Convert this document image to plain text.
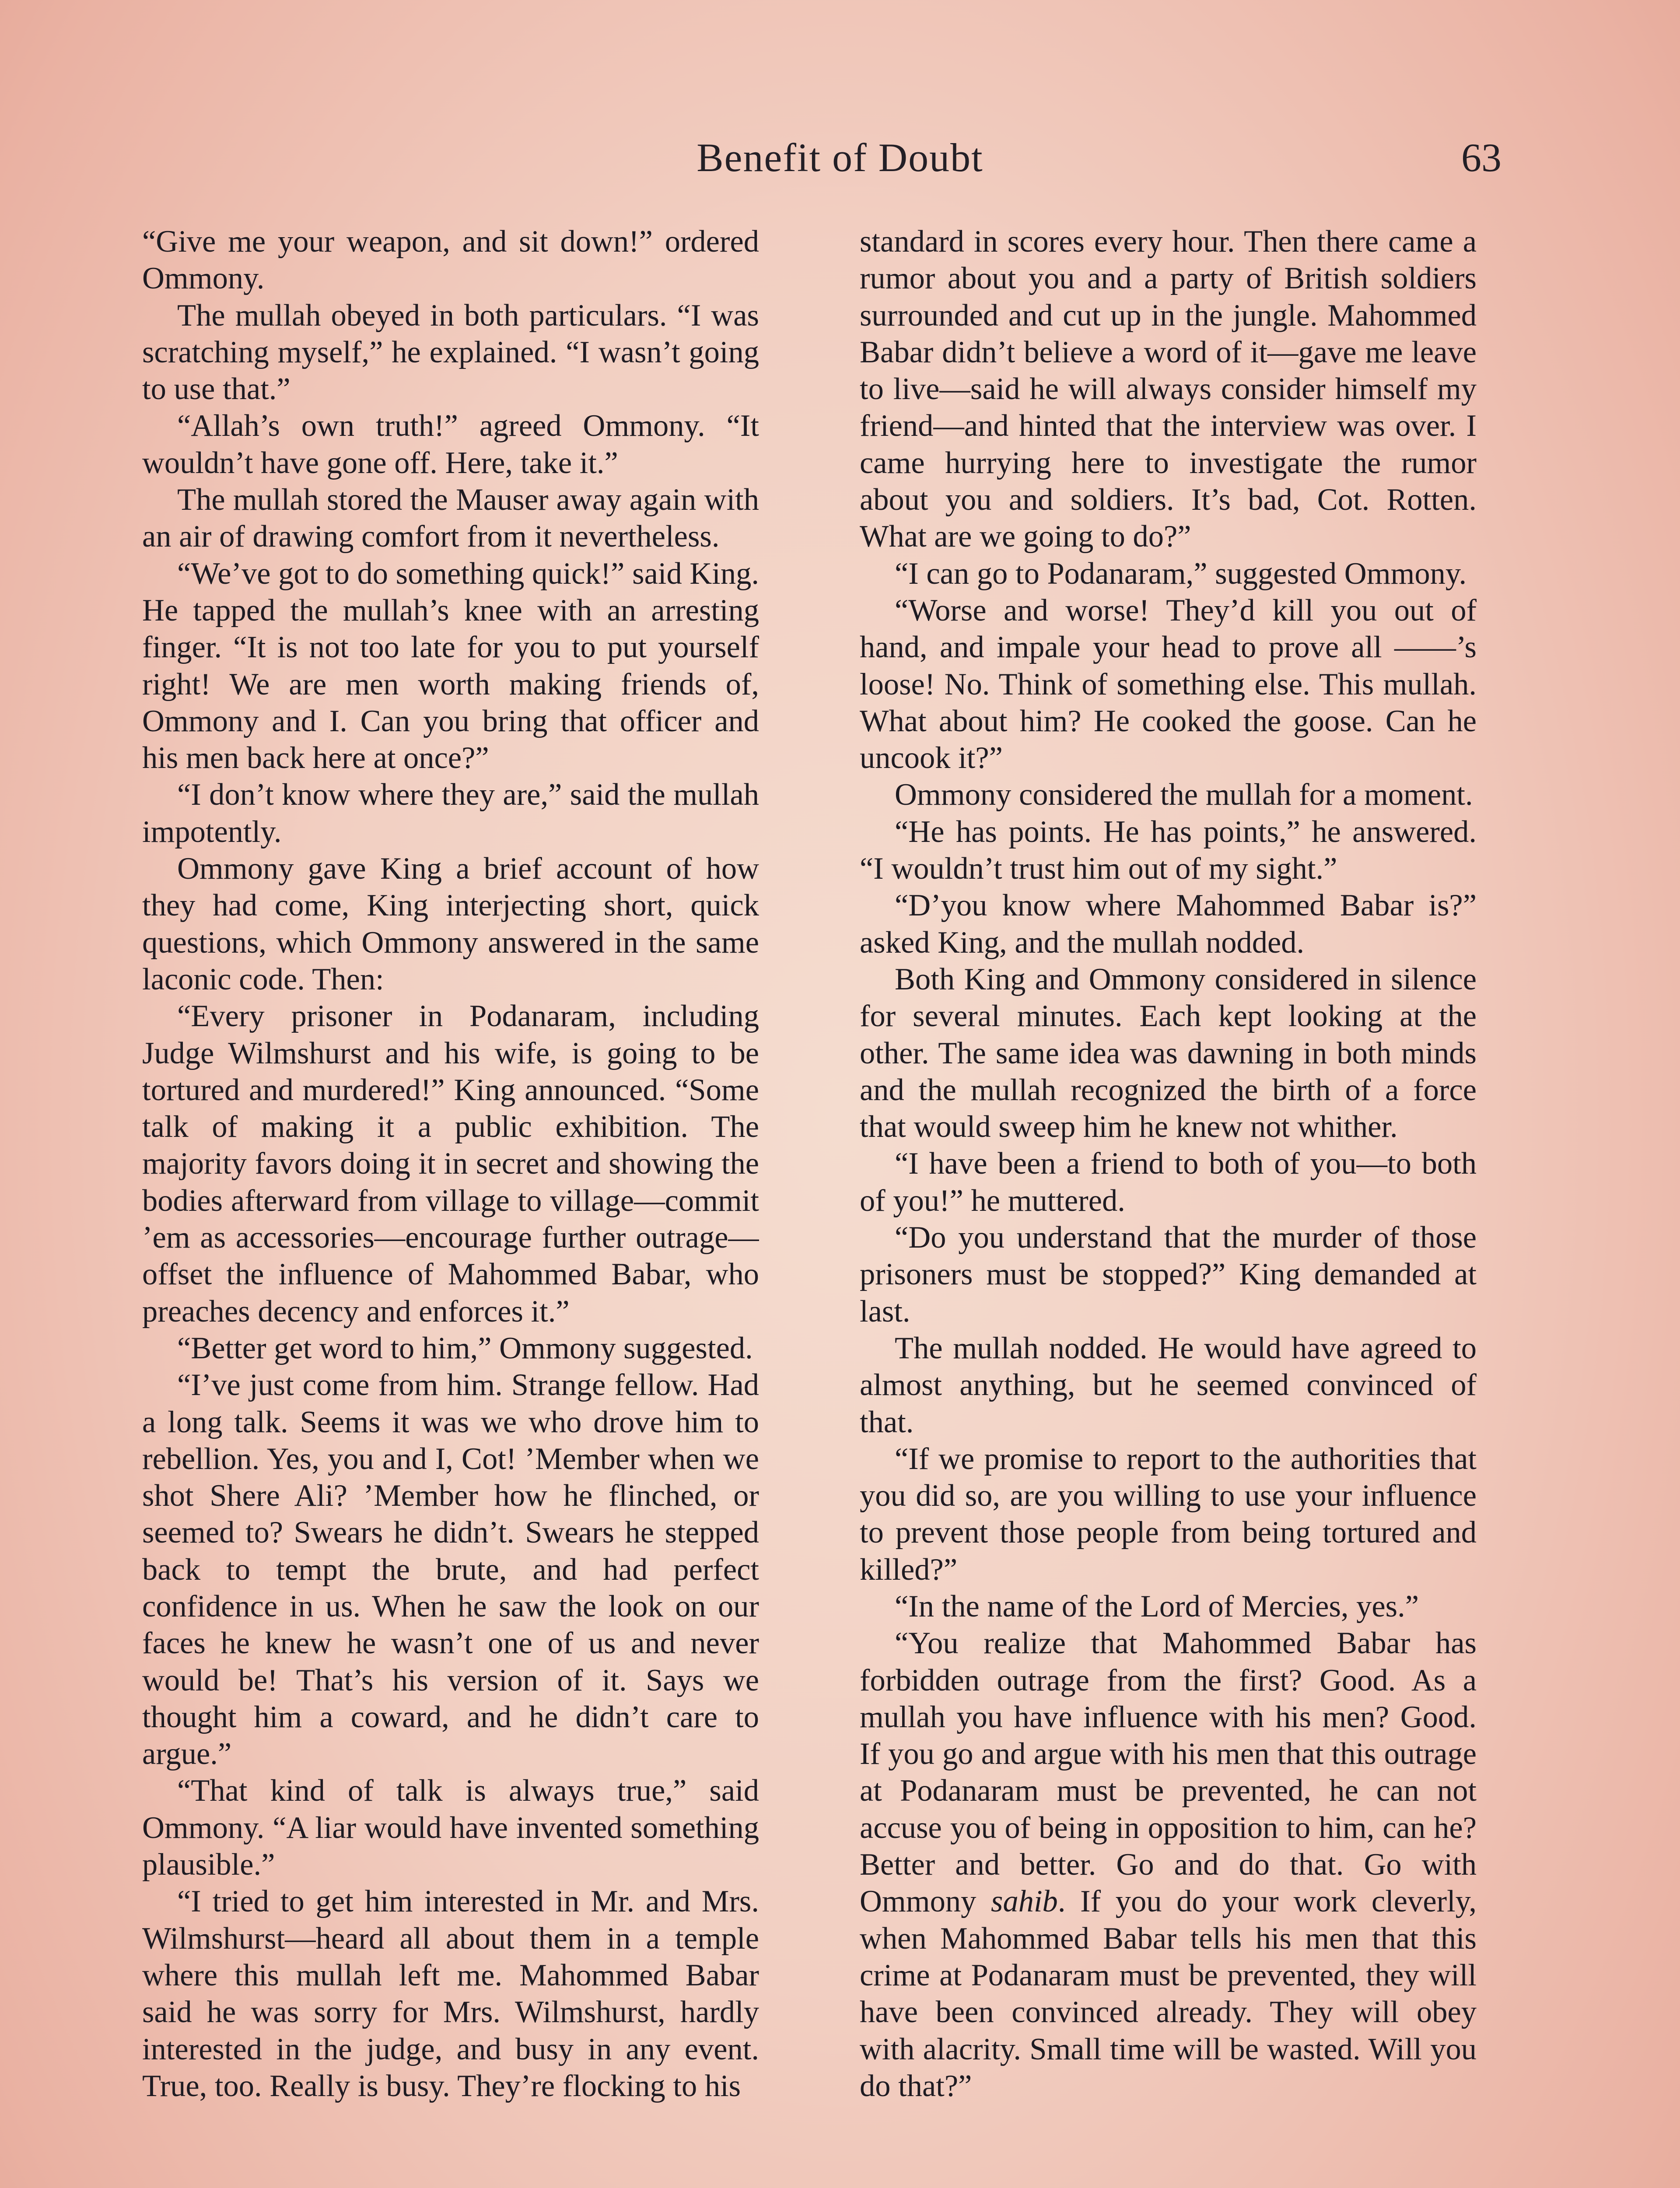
Benefit of Doubt	63

“Give me your weapon, and sit down!” ordered Ommony.

The mullah obeyed in both particulars. “I was scratching myself,” he explained. “I wasn’t going to use that.”

“Allah’s own truth!” agreed Ommony. “It wouldn’t have gone off. Here, take it.”

The mullah stored the Mauser away again with an air of drawing comfort from it nevertheless.

“We’ve got to do something quick!” said King. He tapped the mullah’s knee with an arresting finger. “It is not too late for you to put yourself right! We are men worth making friends of, Ommony and I. Can you bring that officer and his men back here at once?”

“I don’t know where they are,” said the mullah impotently.

Ommony gave King a brief account of how they had come, King interjecting short, quick questions, which Ommony answered in the same laconic code. Then:

“Every prisoner in Podanaram, including Judge Wilmshurst and his wife, is going to be tortured and murdered!” King announced. “Some talk of making it a public exhibition. The majority favors doing it in secret and showing the bodies afterward from village to village—commit ’em as accessories—encourage further outrage—offset the influence of Mahommed Babar, who preaches decency and enforces it.”

“Better get word to him,” Ommony suggested.

“I’ve just come from him. Strange fellow. Had a long talk. Seems it was we who drove him to rebellion. Yes, you and I, Cot! ’Member when we shot Shere Ali? ’Member how he flinched, or seemed to? Swears he didn’t. Swears he stepped back to tempt the brute, and had perfect confidence in us. When he saw the look on our faces he knew he wasn’t one of us and never would be! That’s his version of it. Says we thought him a coward, and he didn’t care to argue.”

“That kind of talk is always true,” said Ommony. “A liar would have invented something plausible.”

“I tried to get him interested in Mr. and Mrs. Wilmshurst—heard all about them in a temple where this mullah left me. Mahommed Babar said he was sorry for Mrs. Wilmshurst, hardly interested in the judge, and busy in any event. True, too. Really is busy. They’re flocking to his

standard in scores every hour. Then there came a rumor about you and a party of British soldiers surrounded and cut up in the jungle. Mahommed Babar didn’t believe a word of it—gave me leave to live—said he will always consider himself my friend—and hinted that the interview was over. I came hurrying here to investigate the rumor about you and soldiers. It’s bad, Cot. Rotten. What are we going to do?”

“I can go to Podanaram,” suggested Ommony.

“Worse and worse! They’d kill you out of hand, and impale your head to prove all ——’s loose! No. Think of something else. This mullah. What about him? He cooked the goose. Can he uncook it?”

Ommony considered the mullah for a moment.

“He has points. He has points,” he answered. “I wouldn’t trust him out of my sight.”

“D’you know where Mahommed Babar is?” asked King, and the mullah nodded.

Both King and Ommony considered in silence for several minutes. Each kept looking at the other. The same idea was dawning in both minds and the mullah recognized the birth of a force that would sweep him he knew not whither.

“I have been a friend to both of you—to both of you!” he muttered.

“Do you understand that the murder of those prisoners must be stopped?” King demanded at last.

The mullah nodded. He would have agreed to almost anything, but he seemed convinced of that.

“If we promise to report to the authorities that you did so, are you willing to use your influence to prevent those people from being tortured and killed?”

“In the name of the Lord of Mercies, yes.”

“You realize that Mahommed Babar has forbidden outrage from the first? Good. As a mullah you have influence with his men? Good. If you go and argue with his men that this outrage at Podanaram must be prevented, he can not accuse you of being in opposition to him, can he? Better and better. Go and do that. Go with Ommony sahib. If you do your work cleverly, when Mahommed Babar tells his men that this crime at Podanaram must be prevented, they will have been convinced already. They will obey with alacrity. Small time will be wasted. Will you do that?”
